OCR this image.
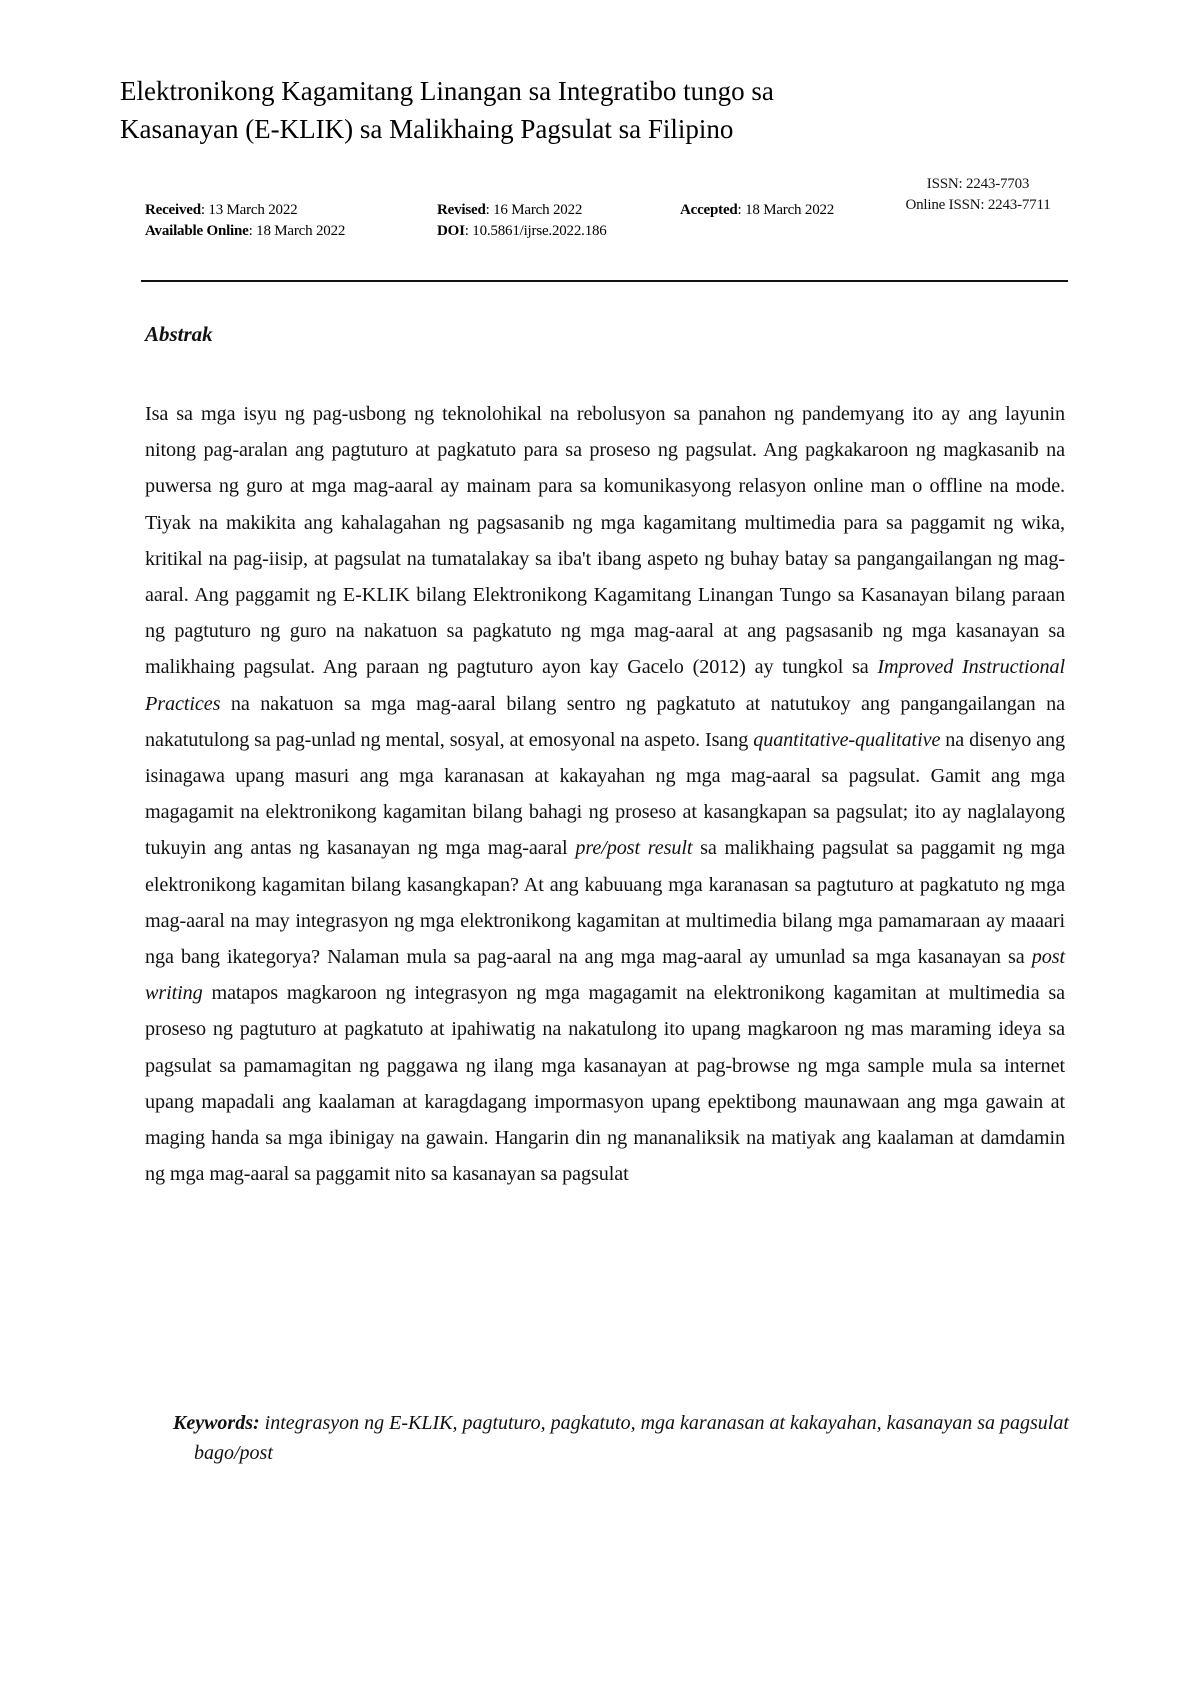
Elektronikong Kagamitang Linangan sa Integratibo tungo sa
Kasanayan (E-KLIK) sa Malikhaing Pagsulat sa Filipino
Received: 13 March 2022
Available Online: 18 March 2022
Revised: 16 March 2022
DOI: 10.5861/ijrse.2022.186
Accepted: 18 March 2022
ISSN: 2243-7703
Online ISSN: 2243-7711
Abstrak
Isa sa mga isyu ng pag-usbong ng teknolohikal na rebolusyon sa panahon ng pandemyang ito ay ang layunin nitong pag-aralan ang pagtuturo at pagkatuto para sa proseso ng pagsulat. Ang pagkakaroon ng magkasanib na puwersa ng guro at mga mag-aaral ay mainam para sa komunikasyong relasyon online man o offline na mode. Tiyak na makikita ang kahalagahan ng pagsasanib ng mga kagamitang multimedia para sa paggamit ng wika, kritikal na pag-iisip, at pagsulat na tumatalakay sa iba't ibang aspeto ng buhay batay sa pangangailangan ng mag-aaral. Ang paggamit ng E-KLIK bilang Elektronikong Kagamitang Linangan Tungo sa Kasanayan bilang paraan ng pagtuturo ng guro na nakatuon sa pagkatuto ng mga mag-aaral at ang pagsasanib ng mga kasanayan sa malikhaing pagsulat. Ang paraan ng pagtuturo ayon kay Gacelo (2012) ay tungkol sa Improved Instructional Practices na nakatuon sa mga mag-aaral bilang sentro ng pagkatuto at natutukoy ang pangangailangan na nakatutulong sa pag-unlad ng mental, sosyal, at emosyonal na aspeto. Isang quantitative-qualitative na disenyo ang isinagawa upang masuri ang mga karanasan at kakayahan ng mga mag-aaral sa pagsulat. Gamit ang mga magagamit na elektronikong kagamitan bilang bahagi ng proseso at kasangkapan sa pagsulat; ito ay naglalayong tukuyin ang antas ng kasanayan ng mga mag-aaral pre/post result sa malikhaing pagsulat sa paggamit ng mga elektronikong kagamitan bilang kasangkapan? At ang kabuuang mga karanasan sa pagtuturo at pagkatuto ng mga mag-aaral na may integrasyon ng mga elektronikong kagamitan at multimedia bilang mga pamamaraan ay maaari nga bang ikategorya? Nalaman mula sa pag-aaral na ang mga mag-aaral ay umunlad sa mga kasanayan sa post writing matapos magkaroon ng integrasyon ng mga magagamit na elektronikong kagamitan at multimedia sa proseso ng pagtuturo at pagkatuto at ipahiwatig na nakatulong ito upang magkaroon ng mas maraming ideya sa pagsulat sa pamamagitan ng paggawa ng ilang mga kasanayan at pag-browse ng mga sample mula sa internet upang mapadali ang kaalaman at karagdagang impormasyon upang epektibong maunawaan ang mga gawain at maging handa sa mga ibinigay na gawain. Hangarin din ng mananaliksik na matiyak ang kaalaman at damdamin ng mga mag-aaral sa paggamit nito sa kasanayan sa pagsulat
Keywords: integrasyon ng E-KLIK, pagtuturo, pagkatuto, mga karanasan at kakayahan, kasanayan sa pagsulat bago/post
